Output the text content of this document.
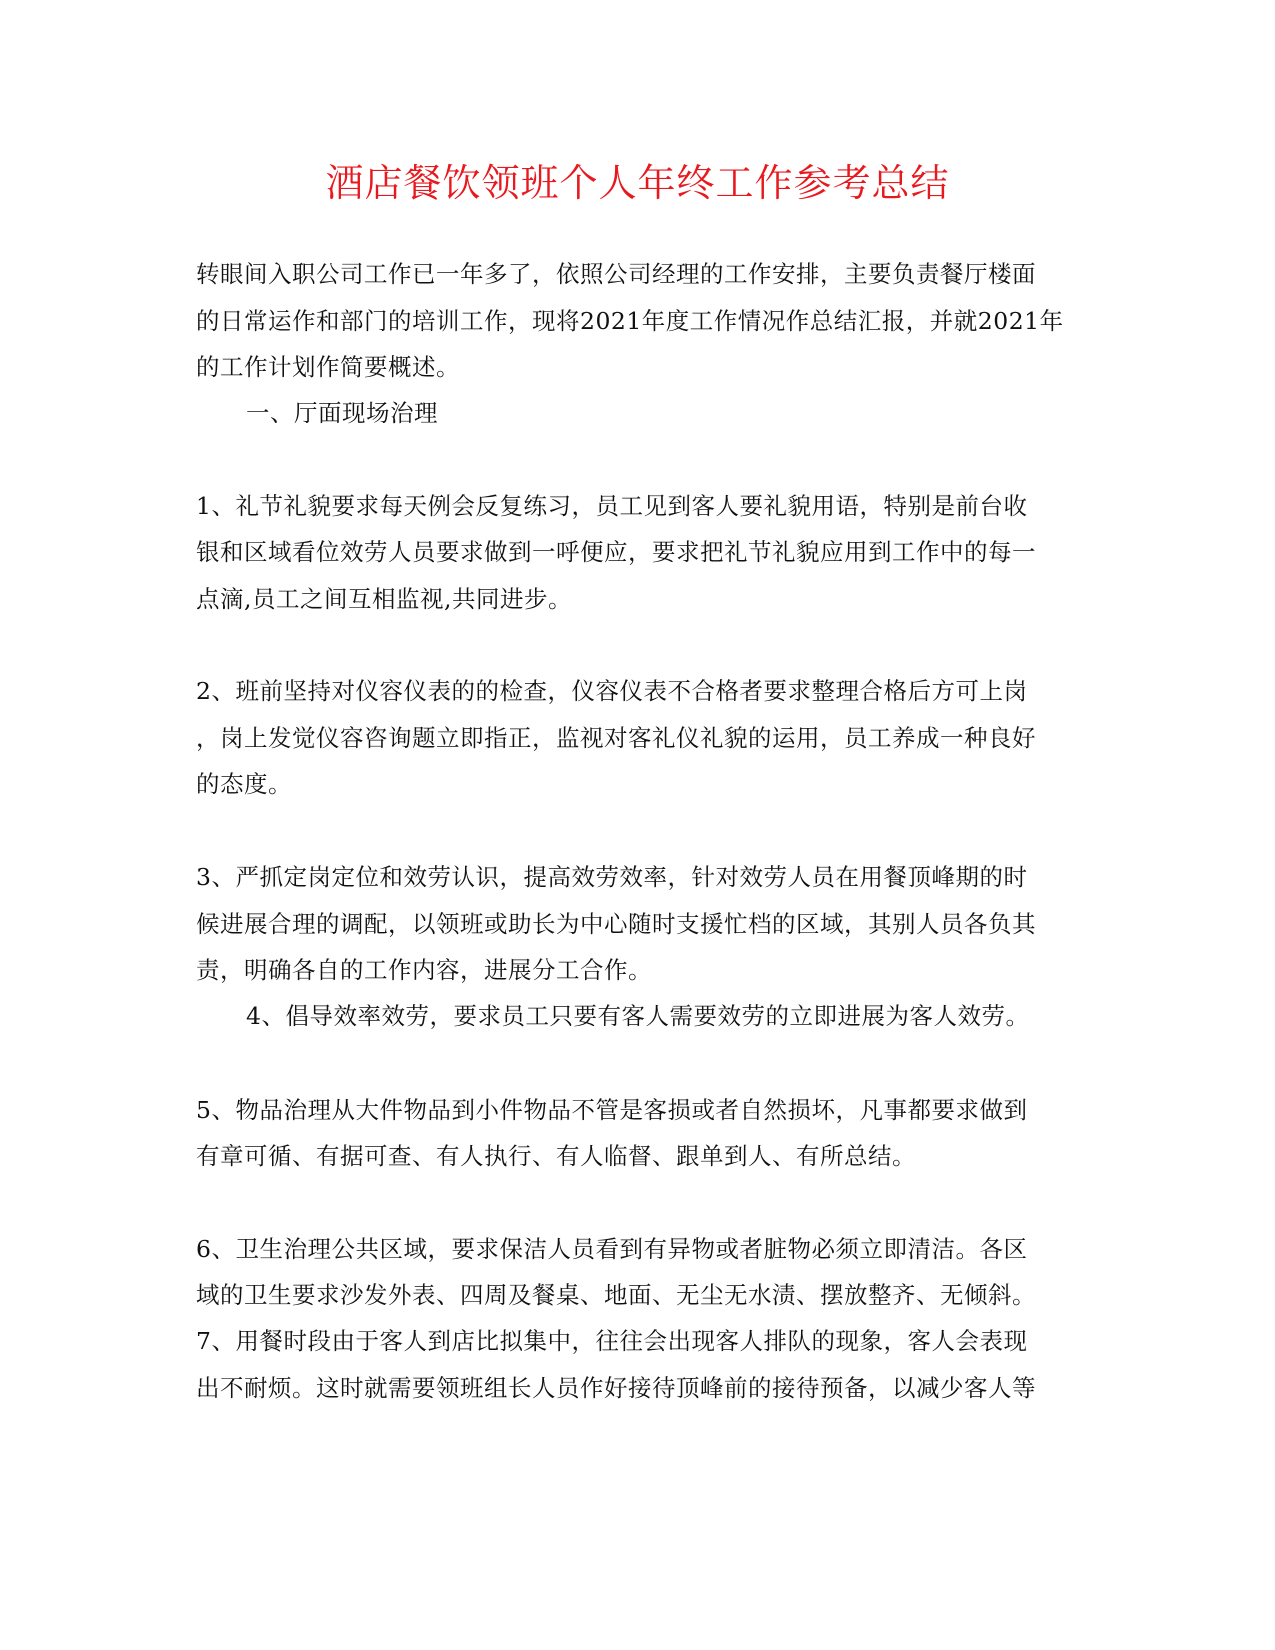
酒店餐饮领班个人年终工作参考总结
转眼间入职公司工作已一年多了，依照公司经理的工作安排，主要负责餐厅楼面
的日常运作和部门的培训工作，现将2021年度工作情况作总结汇报，并就2021年
的工作计划作简要概述。
一、厅面现场治理
1、礼节礼貌要求每天例会反复练习，员工见到客人要礼貌用语，特别是前台收
银和区域看位效劳人员要求做到一呼便应，要求把礼节礼貌应用到工作中的每一
点滴,员工之间互相监视,共同进步。
2、班前坚持对仪容仪表的的检查，仪容仪表不合格者要求整理合格后方可上岗
，岗上发觉仪容咨询题立即指正，监视对客礼仪礼貌的运用，员工养成一种良好
的态度。
3、严抓定岗定位和效劳认识，提高效劳效率，针对效劳人员在用餐顶峰期的时
候进展合理的调配，以领班或助长为中心随时支援忙档的区域，其别人员各负其
责，明确各自的工作内容，进展分工合作。
4、倡导效率效劳，要求员工只要有客人需要效劳的立即进展为客人效劳。
5、物品治理从大件物品到小件物品不管是客损或者自然损坏，凡事都要求做到
有章可循、有据可查、有人执行、有人临督、跟单到人、有所总结。
6、卫生治理公共区域，要求保洁人员看到有异物或者脏物必须立即清洁。各区
域的卫生要求沙发外表、四周及餐桌、地面、无尘无水渍、摆放整齐、无倾斜。
7、用餐时段由于客人到店比拟集中，往往会出现客人排队的现象，客人会表现
出不耐烦。这时就需要领班组长人员作好接待顶峰前的接待预备，以减少客人等
